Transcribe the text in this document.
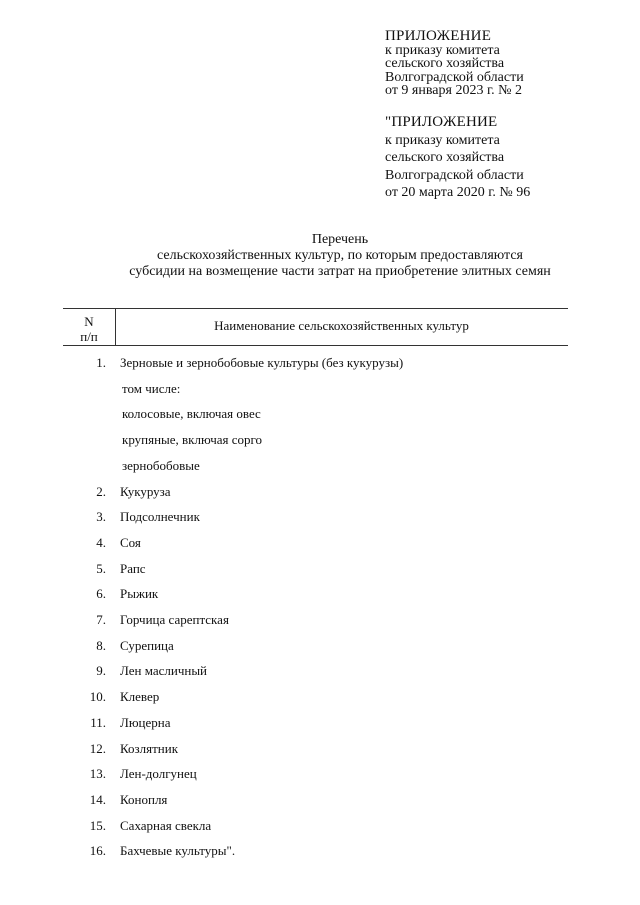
ПРИЛОЖЕНИЕ
к приказу комитета
сельского хозяйства
Волгоградской области
от 9 января 2023 г. № 2
"ПРИЛОЖЕНИЕ
к приказу комитета
сельского хозяйства
Волгоградской области
от 20 марта 2020 г. № 96
Перечень
сельскохозяйственных культур, по которым предоставляются
субсидии на возмещение части затрат на приобретение элитных семян
N
п/п
Наименование сельскохозяйственных культур
1. Зерновые и зернобобовые культуры (без кукурузы)
том числе:
колосовые, включая овес
крупяные, включая сорго
зернобобовые
2. Кукуруза
3. Подсолнечник
4. Соя
5. Рапс
6. Рыжик
7. Горчица сарептская
8. Сурепица
9. Лен масличный
10. Клевер
11. Люцерна
12. Козлятник
13. Лен-долгунец
14. Конопля
15. Сахарная свекла
16. Бахчевые культуры".
